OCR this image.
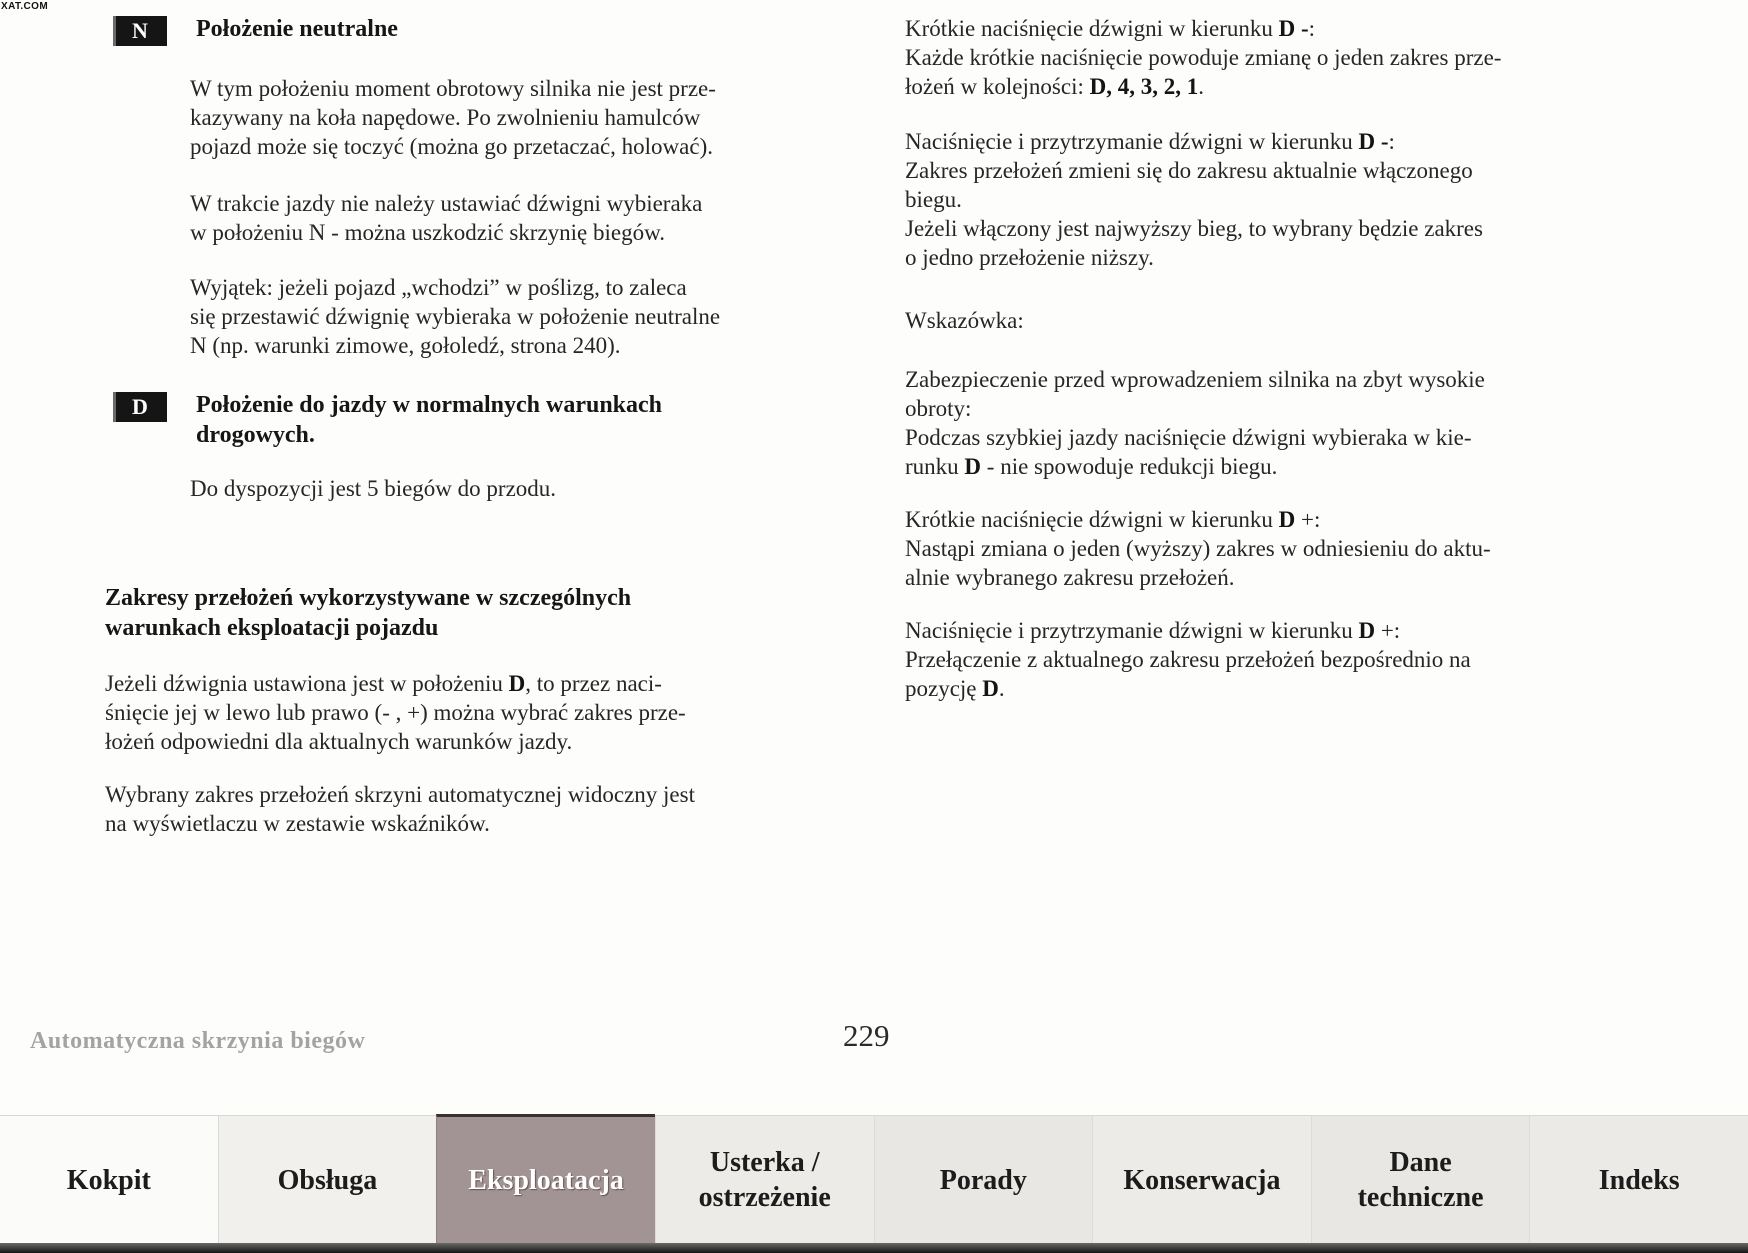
XAT.COM
N	Położenie neutralne

W tym położeniu moment obrotowy silnika nie jest prze-
kazywany na koła napędowe. Po zwolnieniu hamulców
pojazd może się toczyć (można go przetaczać, holować).

W trakcie jazdy nie należy ustawiać dźwigni wybieraka
w położeniu N - można uszkodzić skrzynię biegów.

Wyjątek: jeżeli pojazd „wchodzi” w poślizg, to zaleca
się przestawić dźwignię wybieraka w położenie neutralne
N (np. warunki zimowe, gołoledź, strona 240).

D	Położenie do jazdy w normalnych warunkach
drogowych.

Do dyspozycji jest 5 biegów do przodu.

Zakresy przełożeń wykorzystywane w szczególnych
warunkach eksploatacji pojazdu

Jeżeli dźwignia ustawiona jest w położeniu D, to przez naci-
śnięcie jej w lewo lub prawo (- , +) można wybrać zakres prze-
łożeń odpowiedni dla aktualnych warunków jazdy.

Wybrany zakres przełożeń skrzyni automatycznej widoczny jest
na wyświetlaczu w zestawie wskaźników.

Krótkie naciśnięcie dźwigni w kierunku D -:
Każde krótkie naciśnięcie powoduje zmianę o jeden zakres prze-
łożeń w kolejności: D, 4, 3, 2, 1.

Naciśnięcie i przytrzymanie dźwigni w kierunku D -:
Zakres przełożeń zmieni się do zakresu aktualnie włączonego
biegu.
Jeżeli włączony jest najwyższy bieg, to wybrany będzie zakres
o jedno przełożenie niższy.

Wskazówka:

Zabezpieczenie przed wprowadzeniem silnika na zbyt wysokie
obroty:
Podczas szybkiej jazdy naciśnięcie dźwigni wybieraka w kie-
runku D - nie spowoduje redukcji biegu.

Krótkie naciśnięcie dźwigni w kierunku D +:
Nastąpi zmiana o jeden (wyższy) zakres w odniesieniu do aktu-
alnie wybranego zakresu przełożeń.

Naciśnięcie i przytrzymanie dźwigni w kierunku D +:
Przełączenie z aktualnego zakresu przełożeń bezpośrednio na
pozycję D.

Automatyczna skrzynia biegów	229
Kokpit	Obsługa	Eksploatacja
Usterka /
ostrzeżenie
Porady	Konserwacja
Dane
techniczne
Indeks
